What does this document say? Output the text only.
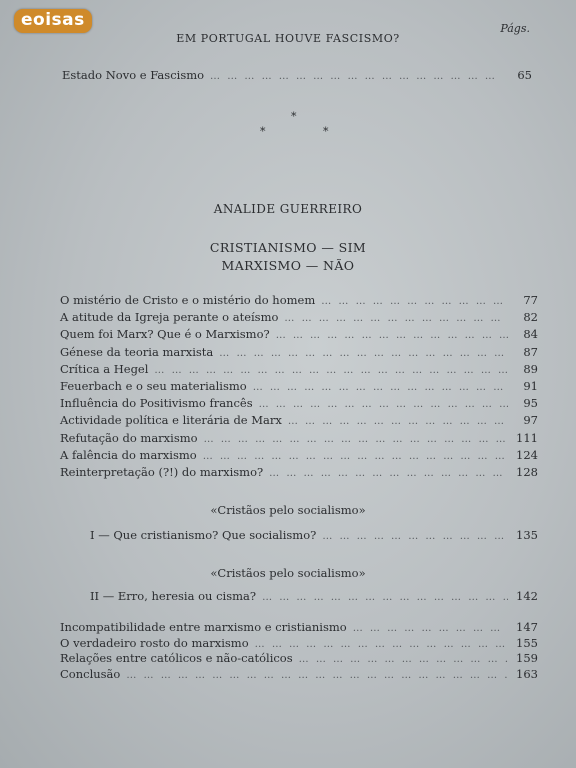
eoisas	Págs.
EM PORTUGAL HOUVE FASCISMO?
Estado Novo e Fascismo … … … … … … … … … … … … … … … … … … … … … … …	65
*
*	*
ANALIDE GUERREIRO
CRISTIANISMO — SIM
MARXISMO — NÃO
O mistério de Cristo e o mistério do homem … … … … … … … … … … … … … … … … … … … … … … …	77
A atitude da Igreja perante o ateísmo … … … … … … … … … … … … … … … … … … … … … … …	82
Quem foi Marx? Que é o Marxismo? … … … … … … … … … … … … … … … … … … … … … … …	84
Génese da teoria marxista … … … … … … … … … … … … … … … … … … … … … … …	87
Crítica a Hegel … … … … … … … … … … … … … … … … … … … … … … …	89
Feuerbach e o seu materialismo … … … … … … … … … … … … … … … … … … … … … … …	91
Influência do Positivismo francês … … … … … … … … … … … … … … … … … … … … … … …	95
Actividade política e literária de Marx … … … … … … … … … … … … … … … … … … … … … … …	97
Refutação do marxismo … … … … … … … … … … … … … … … … … … … … … … …	111
A falência do marxismo … … … … … … … … … … … … … … … … … … … … … … …	124
Reinterpretação (?!) do marxismo? … … … … … … … … … … … … … … … … … … … … … … …	128
«Cristãos pelo socialismo»
I — Que cristianismo? Que socialismo? … … … … … … … … … … … … … … … … … … … … … … …	135
«Cristãos pelo socialismo»
II — Erro, heresia ou cisma? … … … … … … … … … … … … … … … … … … … … … … …	142
Incompatibilidade entre marxismo e cristianismo … … … … … … … … … … … … … … … … … … … … … … …	147
O verdadeiro rosto do marxismo … … … … … … … … … … … … … … … … … … … … … … …	155
Relações entre católicos e não-católicos … … … … … … … … … … … … … … … … … … … … … … …	159
Conclusão … … … … … … … … … … … … … … … … … … … … … … …	163
